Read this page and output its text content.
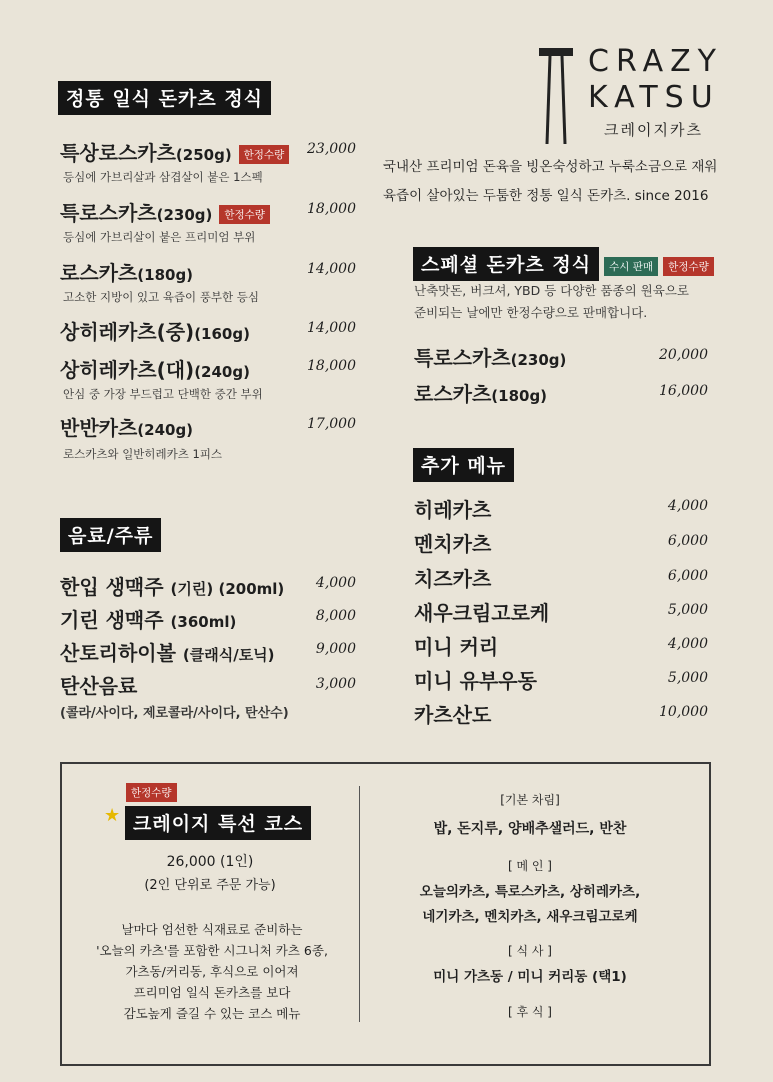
CRAZY
KATSU
크레이지카츠
국내산 프리미엄 돈육을 빙온숙성하고 누룩소금으로 재워
육즙이 살아있는 두툼한 정통 일식 돈카츠. since 2016
정통 일식 돈카츠 정식
특상로스카츠(250g) 한정수량	23,000
등심에 가브리살과 삼겹살이 붙은 1스펙
특로스카츠(230g) 한정수량	18,000
등심에 가브리살이 붙은 프리미엄 부위
로스카츠(180g)	14,000
고소한 지방이 있고 육즙이 풍부한 등심
상히레카츠(중)(160g)	14,000
상히레카츠(대)(240g)	18,000
안심 중 가장 부드럽고 단백한 중간 부위
반반카츠(240g)	17,000
로스카츠와 일반히레카츠 1피스
음료/주류
한입 생맥주 (기린) (200ml)	4,000
기린 생맥주 (360ml)	8,000
산토리하이볼 (클래식/토닉)	9,000
탄산음료	3,000
(콜라/사이다, 제로콜라/사이다, 탄산수)
스페셜 돈카츠 정식 수시 판매 한정수량
난축맛돈, 버크셔, YBD 등 다양한 품종의 원육으로
준비되는 날에만 한정수량으로 판매합니다.
특로스카츠(230g)	20,000
로스카츠(180g)	16,000
추가 메뉴
히레카츠	4,000
멘치카츠	6,000
치즈카츠	6,000
새우크림고로케	5,000
미니 커리	4,000
미니 유부우동	5,000
카츠산도	10,000
한정수량
★ 크레이지 특선 코스
26,000 (1인)
(2인 단위로 주문 가능)
날마다 엄선한 식재료로 준비하는
'오늘의 카츠'를 포함한 시그니처 카츠 6종,
가츠동/커리동, 후식으로 이어져
프리미엄 일식 돈카츠를 보다
감도높게 즐길 수 있는 코스 메뉴
[기본 차림]
밥, 돈지루, 양배추샐러드, 반찬
[ 메 인 ]
오늘의카츠, 특로스카츠, 상히레카츠,
네기카츠, 멘치카츠, 새우크림고로케
[ 식 사 ]
미니 가츠동 / 미니 커리동 (택1)
[ 후 식 ]
